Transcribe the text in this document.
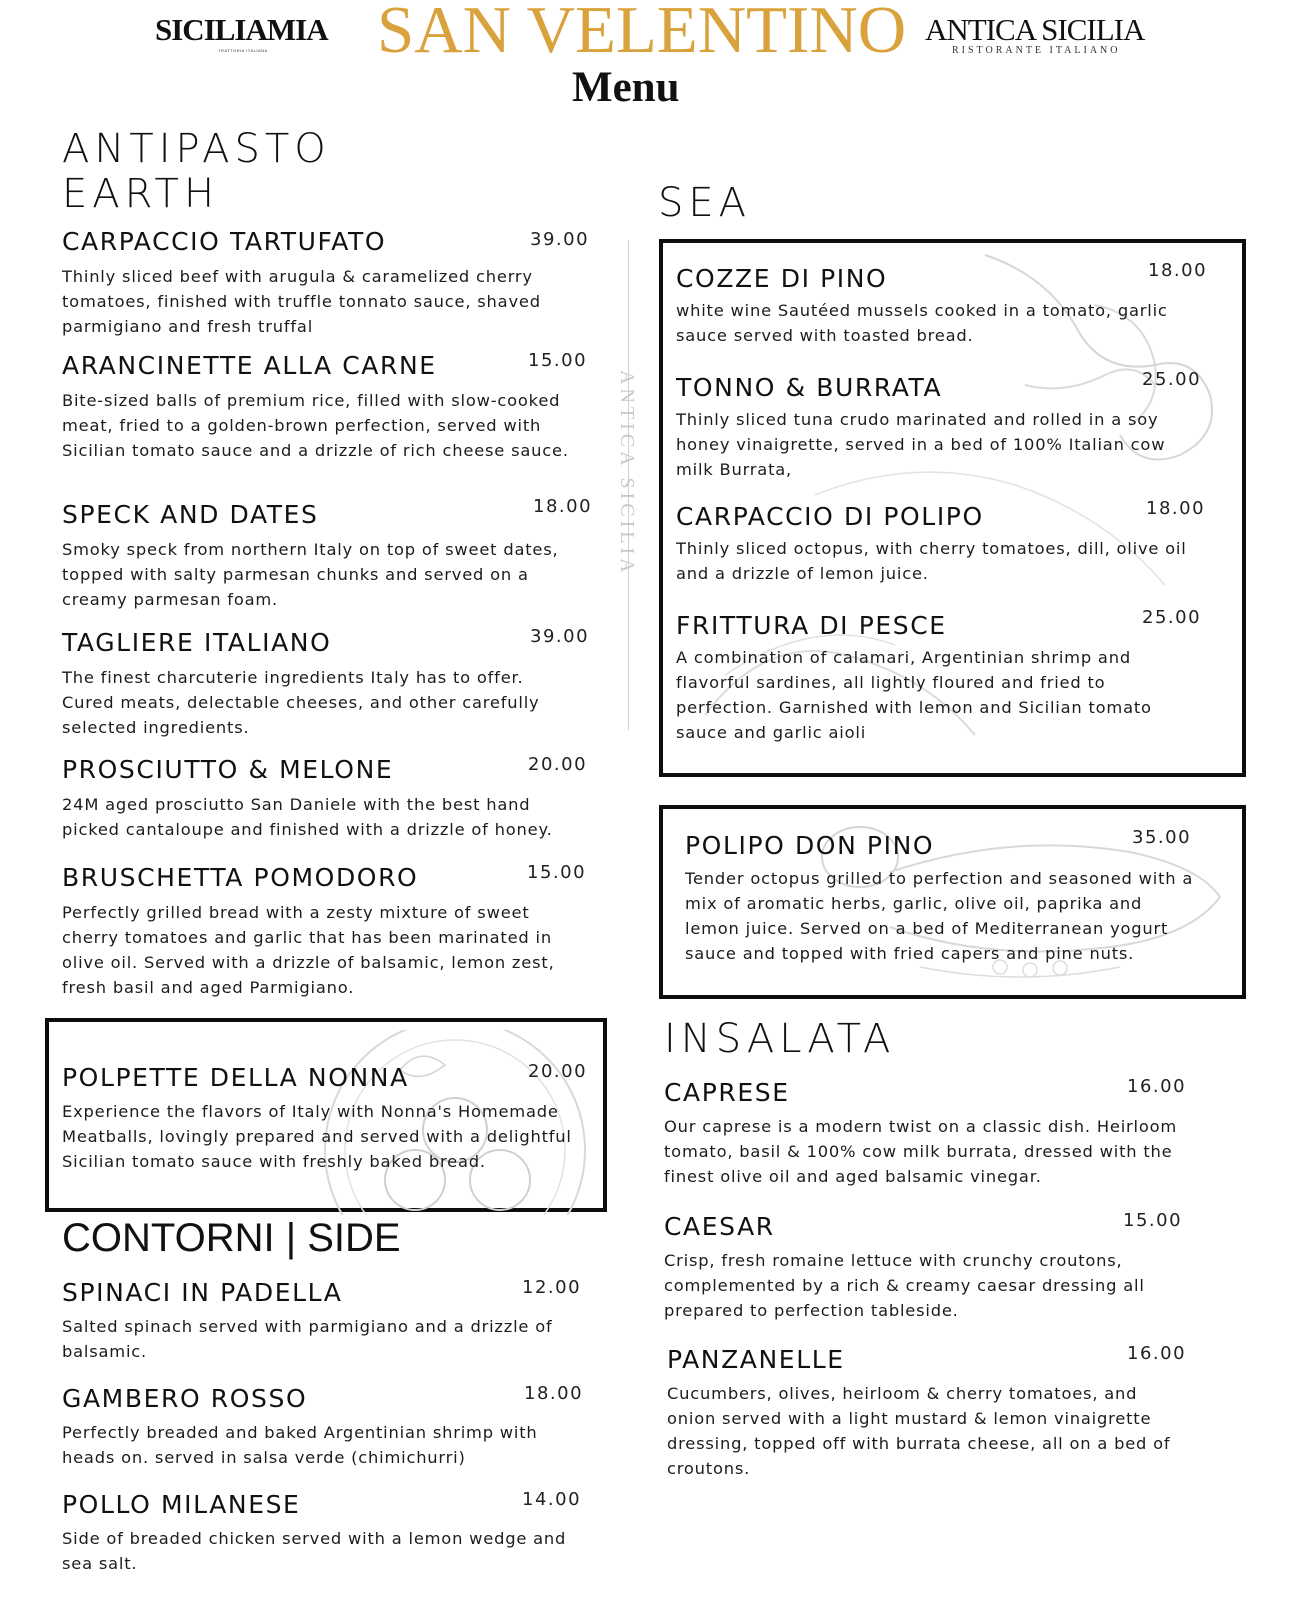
SICILIAMIA
TRATTORIA ITALIANA SAN VELENTINO ANTICA SICILIA
RISTORANTE ITALIANO
Menu
ANTIPASTO
EARTH
CARPACCIO TARTUFATO	39.00
Thinly sliced beef with arugula & caramelized cherry tomatoes, finished with truffle tonnato sauce, shaved parmigiano and fresh truffal
ARANCINETTE ALLA CARNE	15.00
Bite-sized balls of premium rice, filled with slow-cooked meat, fried to a golden-brown perfection, served with Sicilian tomato sauce and a drizzle of rich cheese sauce.
SPECK AND DATES	18.00
Smoky speck from northern Italy on top of sweet dates, topped with salty parmesan chunks and served on a creamy parmesan foam.
TAGLIERE ITALIANO	39.00
The finest charcuterie ingredients Italy has to offer. Cured meats, delectable cheeses, and other carefully selected ingredients.
PROSCIUTTO & MELONE	20.00
24M aged prosciutto San Daniele with the best hand picked cantaloupe and finished with a drizzle of honey.
BRUSCHETTA POMODORO	15.00
Perfectly grilled bread with a zesty mixture of sweet cherry tomatoes and garlic that has been marinated in olive oil. Served with a drizzle of balsamic, lemon zest, fresh basil and aged Parmigiano.
POLPETTE DELLA NONNA	20.00
Experience the flavors of Italy with Nonna's Homemade Meatballs, lovingly prepared and served with a delightful Sicilian tomato sauce with freshly baked bread.
CONTORNI | SIDE
SPINACI IN PADELLA	12.00
Salted spinach served with parmigiano and a drizzle of balsamic.
GAMBERO ROSSO	18.00
Perfectly breaded and baked Argentinian shrimp with heads on. served in salsa verde (chimichurri)
POLLO MILANESE	14.00
Side of breaded chicken served with a lemon wedge and sea salt.
ANTICA SICILIA
SEA
COZZE DI PINO	18.00
white wine Sautéed mussels cooked in a tomato, garlic sauce served with toasted bread.
TONNO & BURRATA	25.00
Thinly sliced tuna crudo marinated and rolled in a soy honey vinaigrette, served in a bed of 100% Italian cow milk Burrata,
CARPACCIO DI POLIPO	18.00
Thinly sliced octopus, with cherry tomatoes, dill, olive oil and a drizzle of lemon juice.
FRITTURA DI PESCE	25.00
A combination of calamari, Argentinian shrimp and flavorful sardines, all lightly floured and fried to perfection. Garnished with lemon and Sicilian tomato sauce and garlic aioli
POLIPO DON PINO	35.00
Tender octopus grilled to perfection and seasoned with a mix of aromatic herbs, garlic, olive oil, paprika and lemon juice. Served on a bed of Mediterranean yogurt sauce and topped with fried capers and pine nuts.
INSALATA
CAPRESE	16.00
Our caprese is a modern twist on a classic dish. Heirloom tomato, basil & 100% cow milk burrata, dressed with the finest olive oil and aged balsamic vinegar.
CAESAR	15.00
Crisp, fresh romaine lettuce with crunchy croutons, complemented by a rich & creamy caesar dressing all prepared to perfection tableside.
PANZANELLE	16.00
Cucumbers, olives, heirloom & cherry tomatoes, and onion served with a light mustard & lemon vinaigrette dressing, topped off with burrata cheese, all on a bed of croutons.
